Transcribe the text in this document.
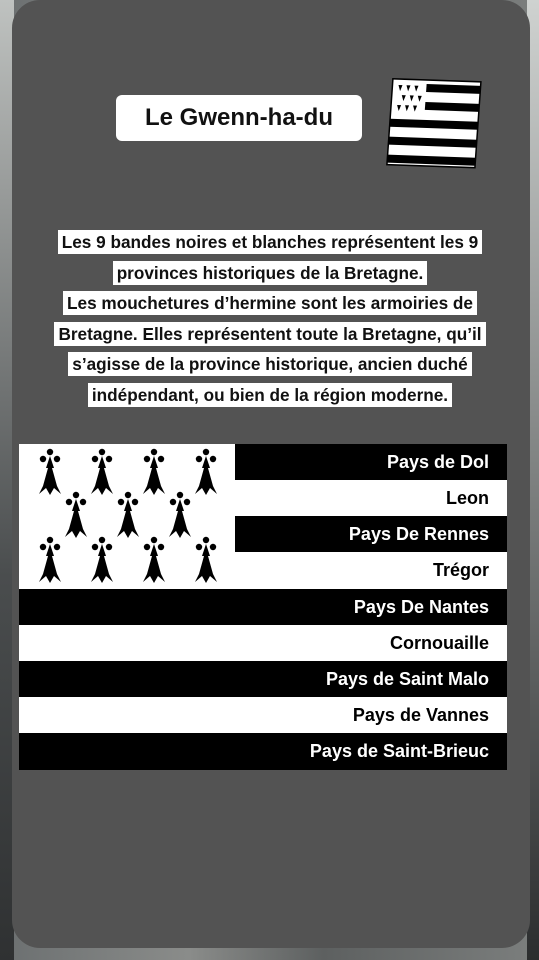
Le Gwenn-ha-du
Les 9 bandes noires et blanches représentent les 9
provinces historiques de la Bretagne.
Les mouchetures d’hermine sont les armoiries de
Bretagne. Elles représentent toute la Bretagne, qu’il
s’agisse de la province historique, ancien duché
indépendant, ou bien de la région moderne.
Pays de Dol
Leon
Pays De Rennes
Trégor
Pays De Nantes
Cornouaille
Pays de Saint Malo
Pays de Vannes
Pays de Saint-Brieuc
